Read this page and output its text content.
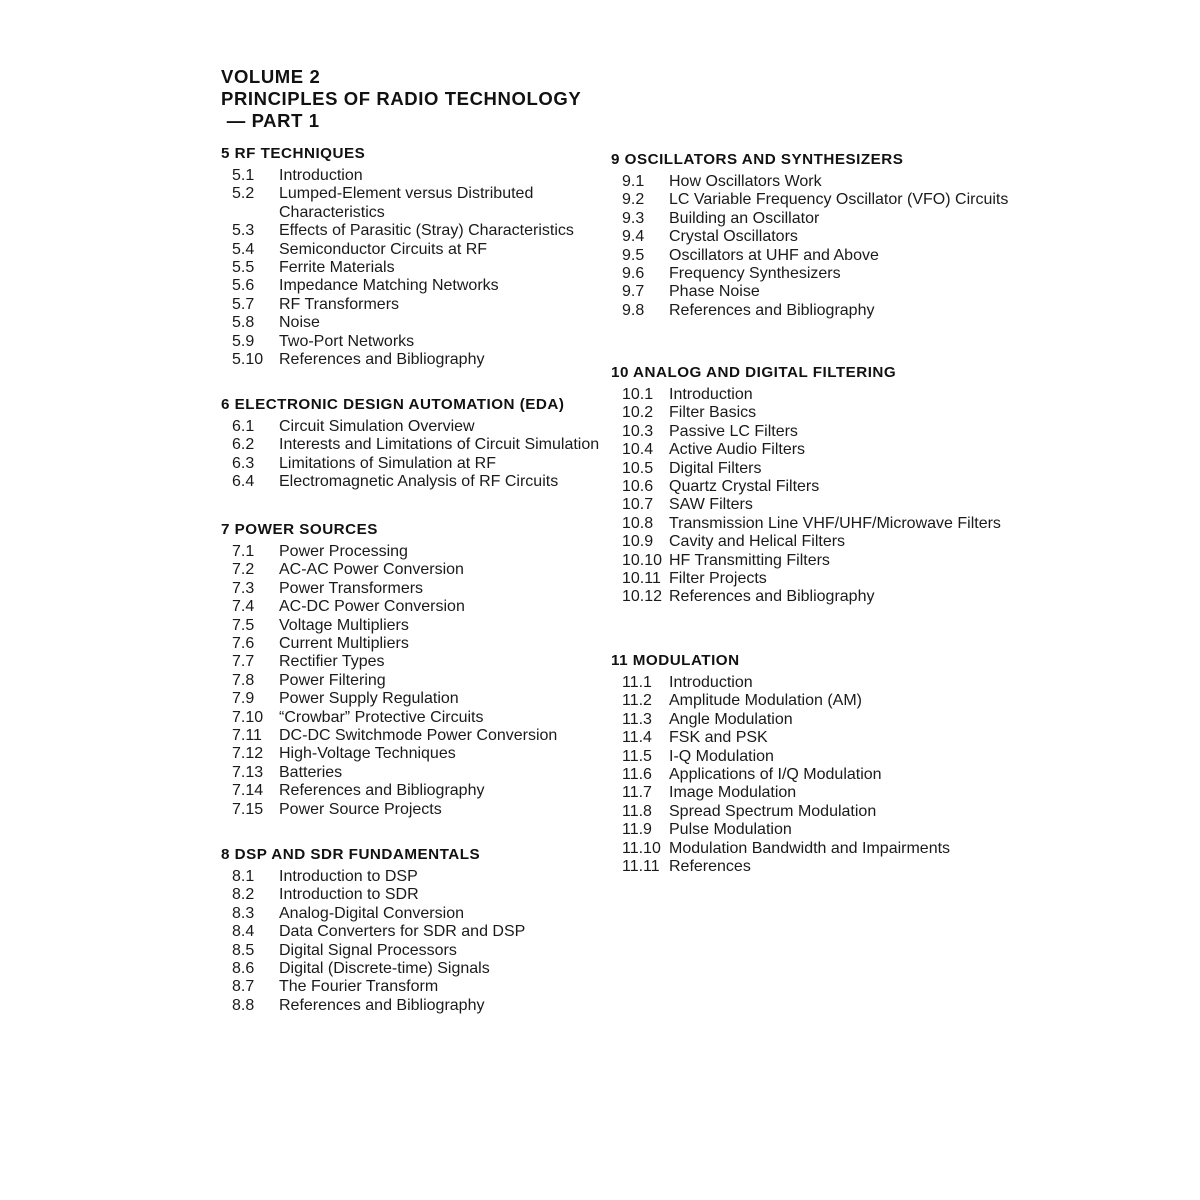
VOLUME 2
PRINCIPLES OF RADIO TECHNOLOGY
— PART 1
5 RF TECHNIQUES
5.1	Introduction
5.2	Lumped-Element versus Distributed Characteristics
5.3	Effects of Parasitic (Stray) Characteristics
5.4	Semiconductor Circuits at RF
5.5	Ferrite Materials
5.6	Impedance Matching Networks
5.7	RF Transformers
5.8	Noise
5.9	Two-Port Networks
5.10 References and Bibliography
6 ELECTRONIC DESIGN AUTOMATION (EDA)
6.1	Circuit Simulation Overview
6.2	Interests and Limitations of Circuit Simulation
6.3	Limitations of Simulation at RF
6.4	Electromagnetic Analysis of RF Circuits
7 POWER SOURCES
7.1	Power Processing
7.2	AC-AC Power Conversion
7.3	Power Transformers
7.4	AC-DC Power Conversion
7.5	Voltage Multipliers
7.6	Current Multipliers
7.7	Rectifier Types
7.8	Power Filtering
7.9	Power Supply Regulation
7.10 “Crowbar” Protective Circuits
7.11	DC-DC Switchmode Power Conversion
7.12 High-Voltage Techniques
7.13 Batteries
7.14 References and Bibliography
7.15 Power Source Projects
8 DSP AND SDR FUNDAMENTALS
8.1	Introduction to DSP
8.2	Introduction to SDR
8.3	Analog-Digital Conversion
8.4	Data Converters for SDR and DSP
8.5	Digital Signal Processors
8.6	Digital (Discrete-time) Signals
8.7	The Fourier Transform
8.8	References and Bibliography
9 OSCILLATORS AND SYNTHESIZERS
9.1	How Oscillators Work
9.2	LC Variable Frequency Oscillator (VFO) Circuits
9.3	Building an Oscillator
9.4	Crystal Oscillators
9.5	Oscillators at UHF and Above
9.6	Frequency Synthesizers
9.7	Phase Noise
9.8	References and Bibliography
10 ANALOG AND DIGITAL FILTERING
10.1 Introduction
10.2 Filter Basics
10.3 Passive LC Filters
10.4 Active Audio Filters
10.5 Digital Filters
10.6 Quartz Crystal Filters
10.7 SAW Filters
10.8 Transmission Line VHF/UHF/Microwave Filters
10.9 Cavity and Helical Filters
10.10 HF Transmitting Filters
10.11 Filter Projects
10.12 References and Bibliography
11 MODULATION
11.1	Introduction
11.2	Amplitude Modulation (AM)
11.3	Angle Modulation
11.4	FSK and PSK
11.5	I-Q Modulation
11.6	Applications of I/Q Modulation
11.7	Image Modulation
11.8	Spread Spectrum Modulation
11.9	Pulse Modulation
11.10 Modulation Bandwidth and Impairments
11.11 References
